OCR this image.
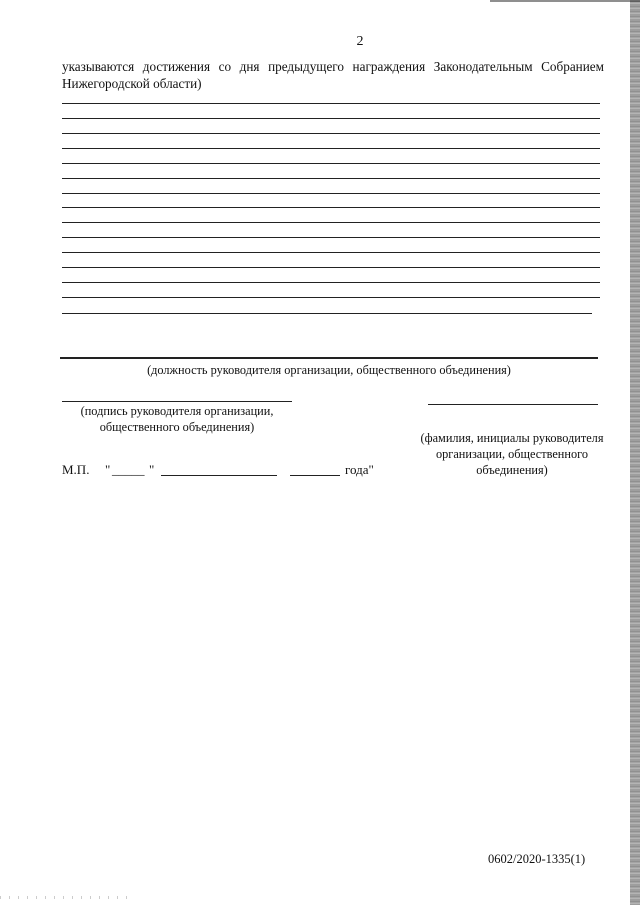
2
указываются достижения со дня предыдущего награждения Законодательным Собранием Нижегородской области)
(должность руководителя организации, общественного объединения)
(подпись руководителя организации, общественного объединения)
(фамилия, инициалы руководителя организации, общественного объединения)
М.П. " _____ "	года"
0602/2020-1335(1)
